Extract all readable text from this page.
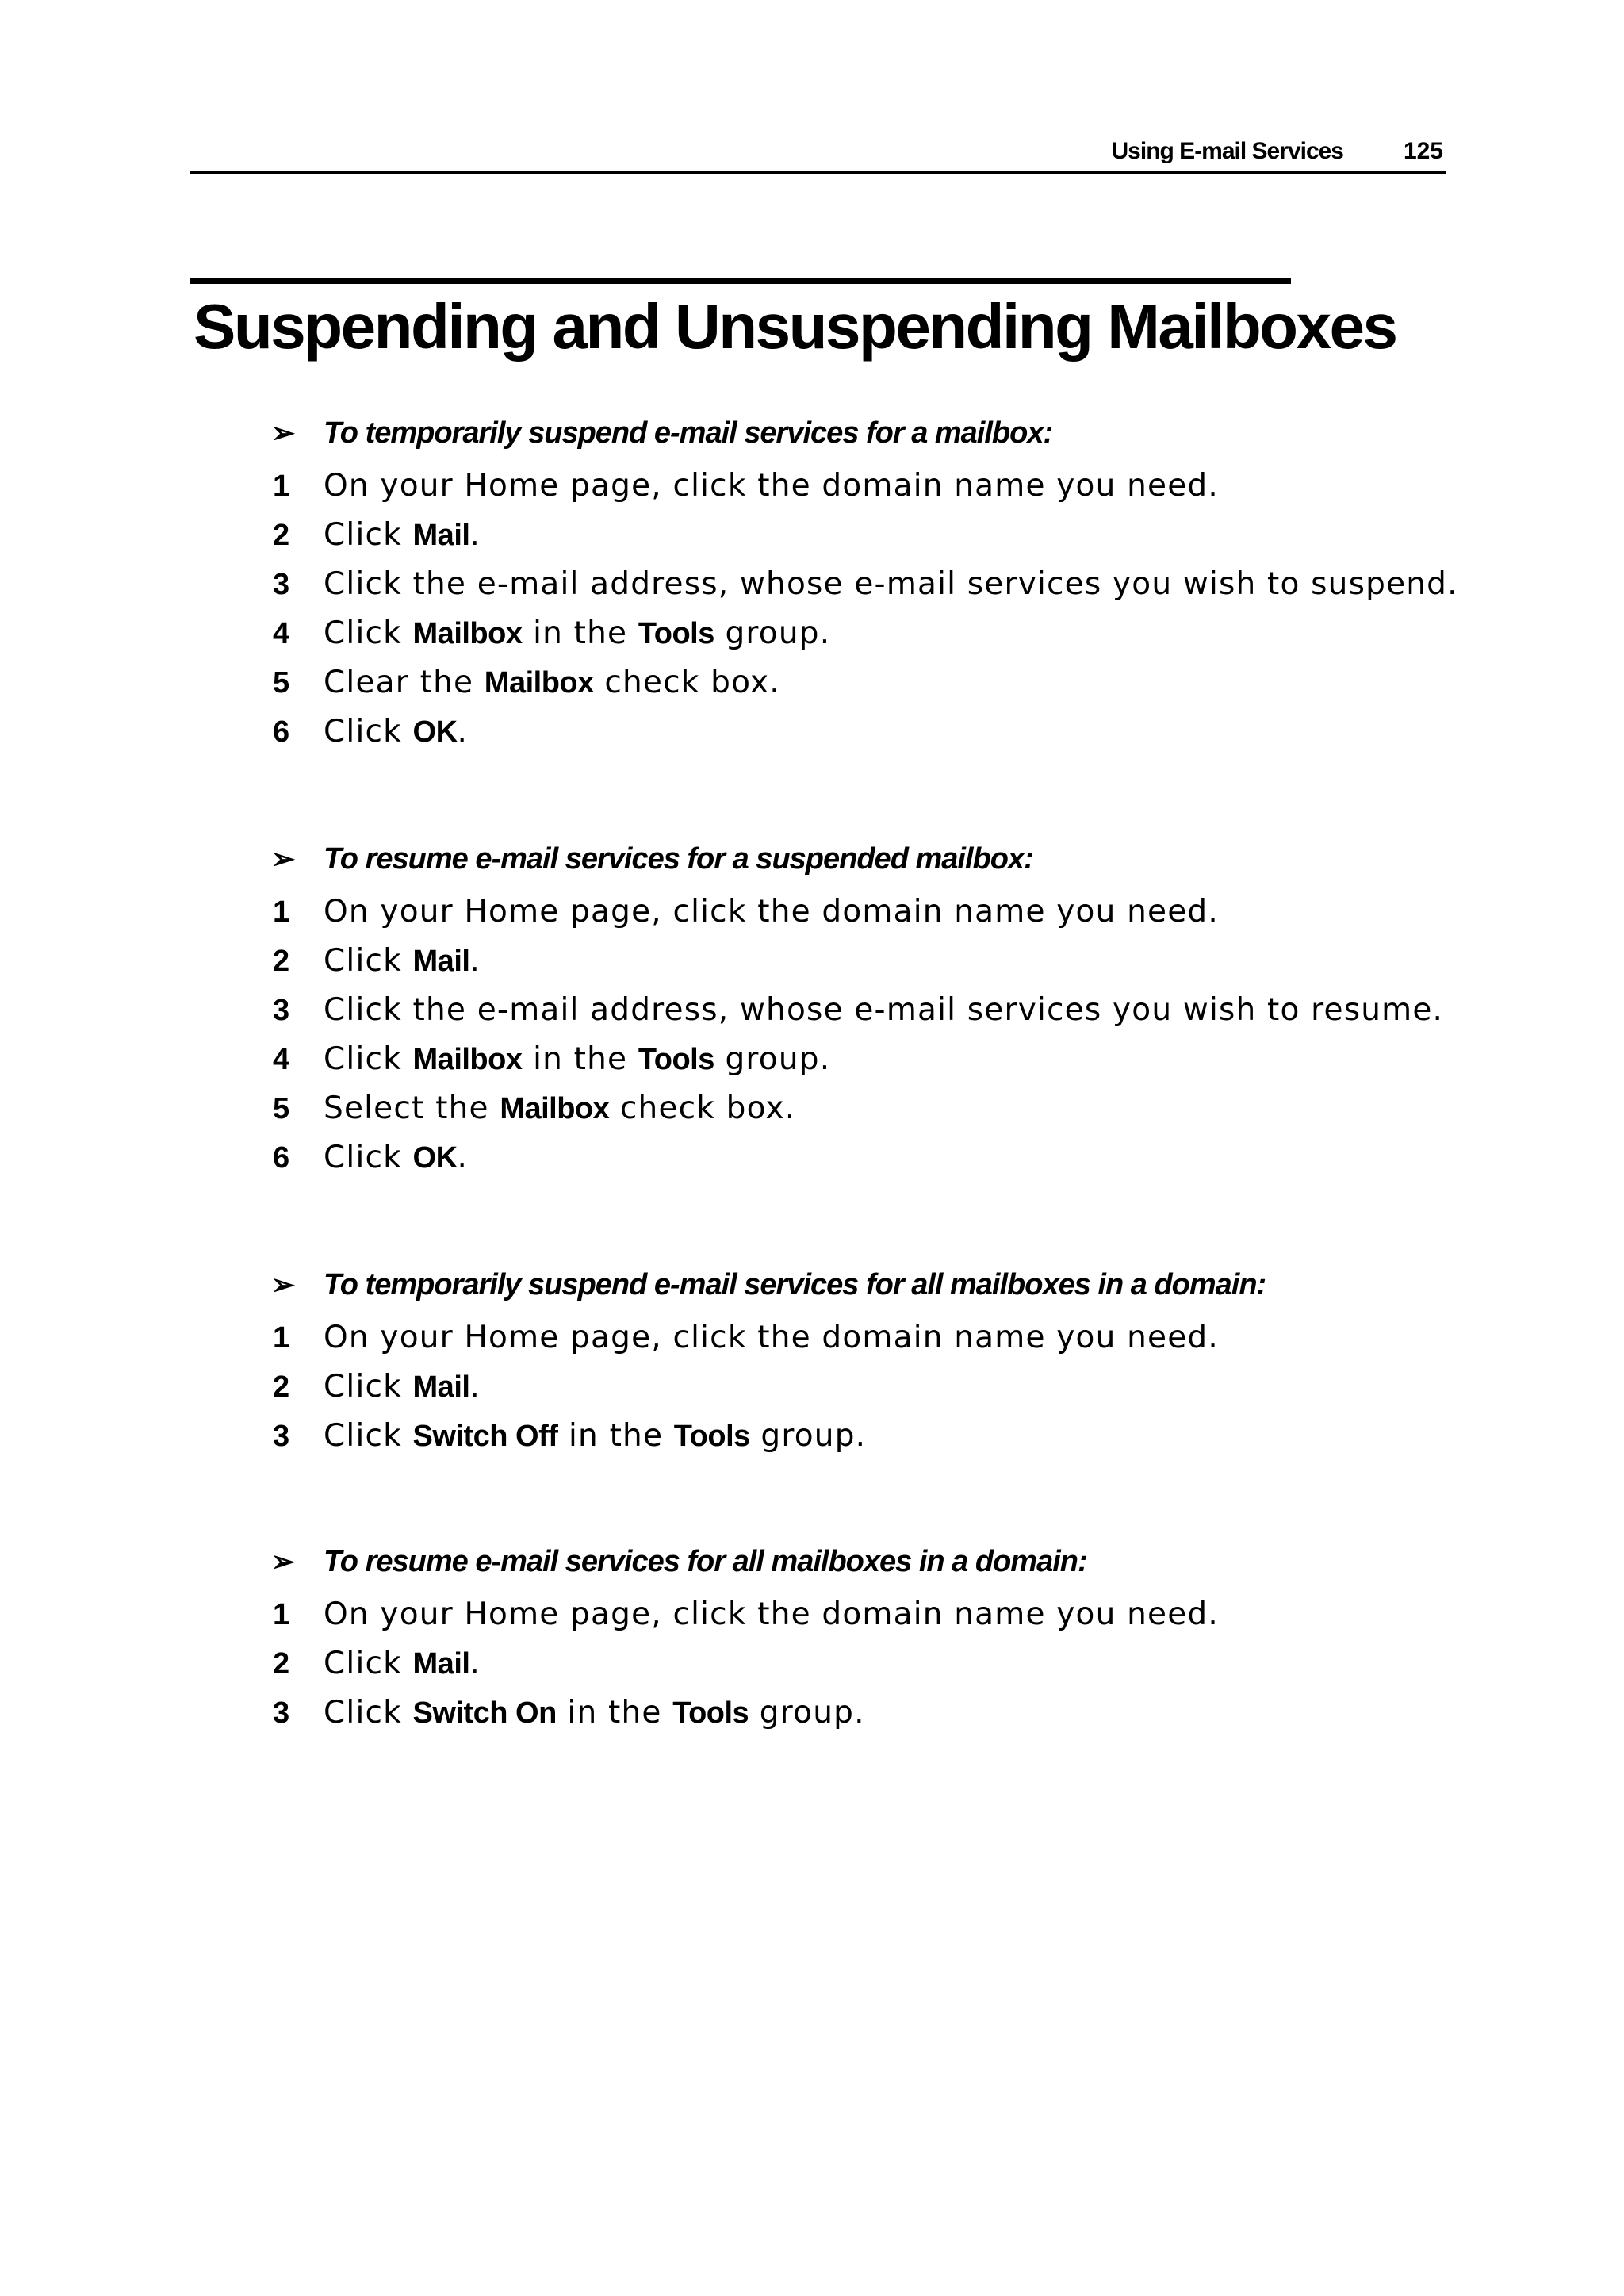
Using E-mail Services	125
Suspending and Unsuspending Mailboxes
➢ To temporarily suspend e-mail services for a mailbox:
1 On your Home page, click the domain name you need.
2 Click Mail.
3 Click the e-mail address, whose e-mail services you wish to suspend.
4 Click Mailbox in the Tools group.
5 Clear the Mailbox check box.
6 Click OK.
➢ To resume e-mail services for a suspended mailbox:
1 On your Home page, click the domain name you need.
2 Click Mail.
3 Click the e-mail address, whose e-mail services you wish to resume.
4 Click Mailbox in the Tools group.
5 Select the Mailbox check box.
6 Click OK.
➢ To temporarily suspend e-mail services for all mailboxes in a domain:
1 On your Home page, click the domain name you need.
2 Click Mail.
3 Click Switch Off in the Tools group.
➢ To resume e-mail services for all mailboxes in a domain:
1 On your Home page, click the domain name you need.
2 Click Mail.
3 Click Switch On in the Tools group.
